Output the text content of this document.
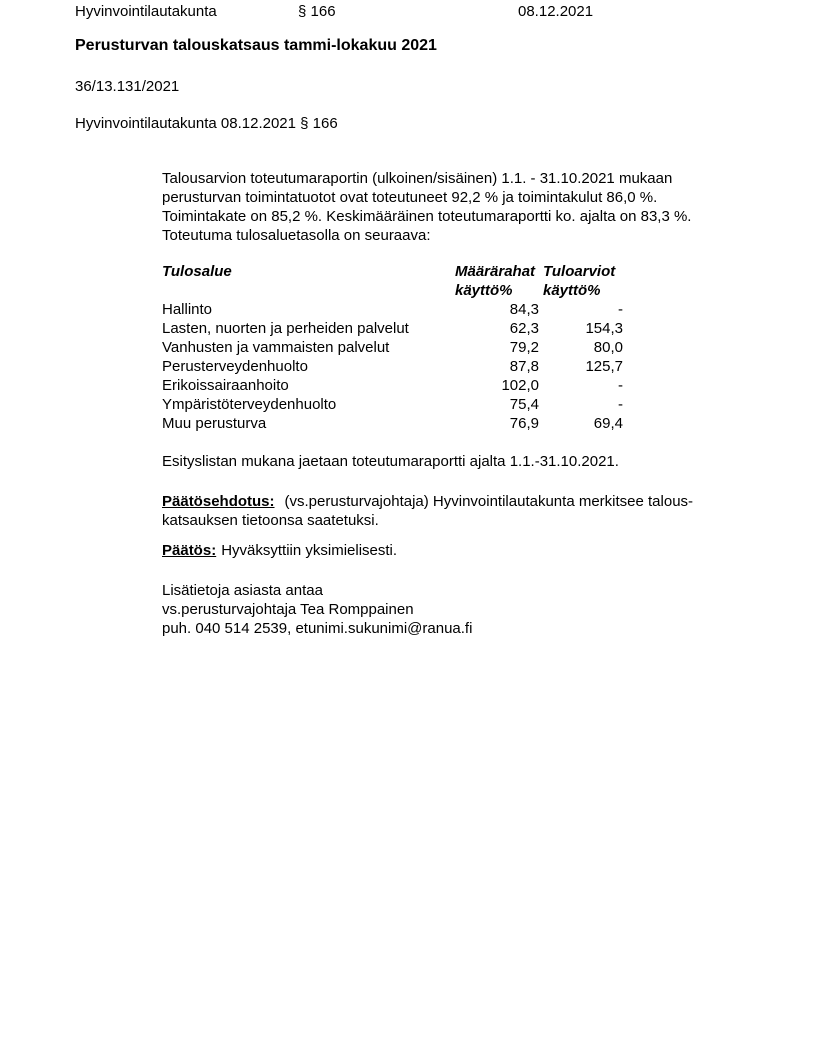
Hyvinvointilautakunta	§ 166	08.12.2021
Perusturvan talouskatsaus tammi-lokakuu 2021
36/13.131/2021
Hyvinvointilautakunta 08.12.2021 § 166
Talousarvion toteutumaraportin (ulkoinen/sisäinen) 1.1. - 31.10.2021 mukaan
perusturvan toimintatuotot ovat toteutuneet 92,2 % ja toimintakulut 86,0 %.
Toimintakate on 85,2 %. Keskimääräinen toteutumaraportti ko. ajalta on 83,3 %.
Toteutuma tulosaluetasolla on seuraava:
Tulosalue	Määrärahat Tuloarviot
käyttö%	käyttö%
Hallinto	84,3	-
Lasten, nuorten ja perheiden palvelut	62,3	154,3
Vanhusten ja vammaisten palvelut	79,2	80,0
Perusterveydenhuolto	87,8	125,7
Erikoissairaanhoito	102,0	-
Ympäristöterveydenhuolto	75,4	-
Muu perusturva	76,9	69,4
Esityslistan mukana jaetaan toteutumaraportti ajalta 1.1.-31.10.2021.
Päätösehdotus: (vs.perusturvajohtaja) Hyvinvointilautakunta merkitsee talous-
katsauksen tietoonsa saatetuksi.
Päätös: Hyväksyttiin yksimielisesti.
Lisätietoja asiasta antaa
vs.perusturvajohtaja Tea Romppainen
puh. 040 514 2539, etunimi.sukunimi@ranua.fi
